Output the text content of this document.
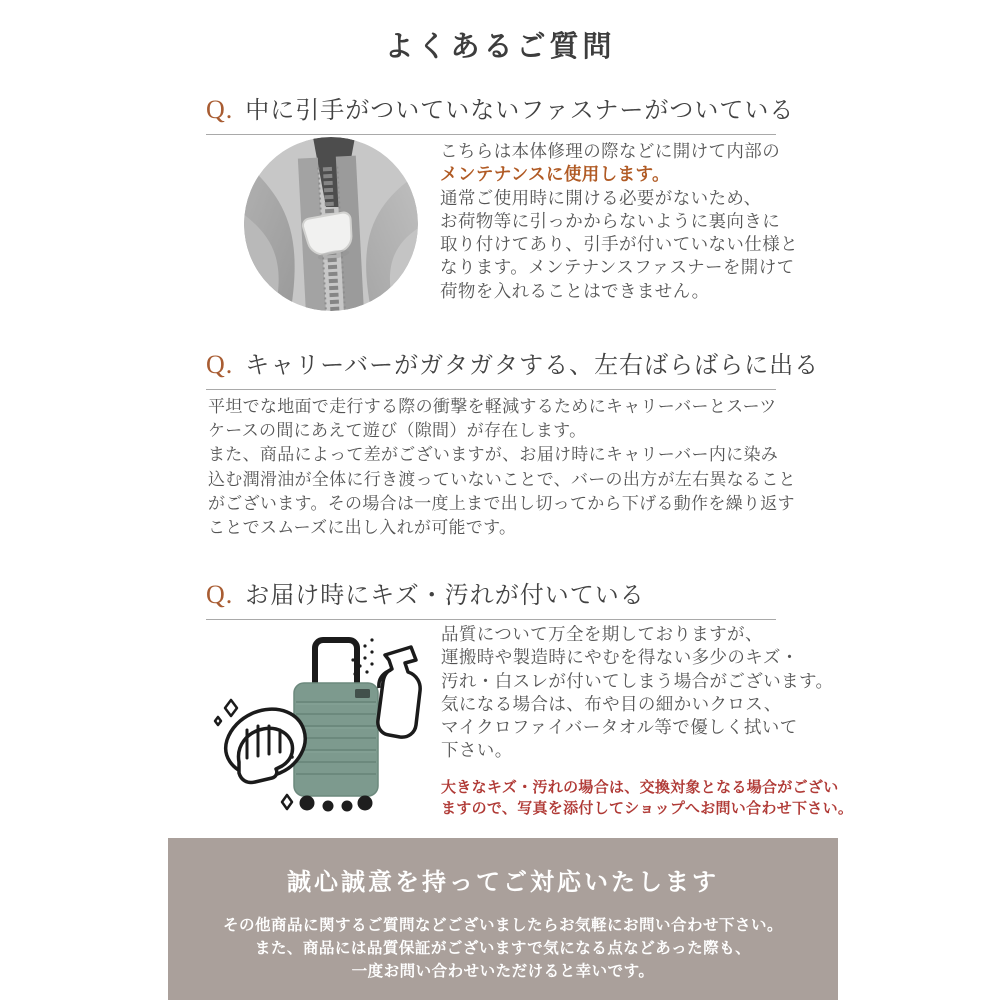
よくあるご質問
Q. 中に引手がついていないファスナーがついている
こちらは本体修理の際などに開けて内部の
メンテナンスに使用します。
通常ご使用時に開ける必要がないため、
お荷物等に引っかからないように裏向きに
取り付けてあり、引手が付いていない仕様と
なります。メンテナンスファスナーを開けて
荷物を入れることはできません。
Q. キャリーバーがガタガタする、左右ばらばらに出る
平坦でな地面で走行する際の衝撃を軽減するためにキャリーバーとスーツ
ケースの間にあえて遊び（隙間）が存在します。
また、商品によって差がございますが、お届け時にキャリーバー内に染み
込む潤滑油が全体に行き渡っていないことで、バーの出方が左右異なること
がございます。その場合は一度上まで出し切ってから下げる動作を繰り返す
ことでスムーズに出し入れが可能です。
Q. お届け時にキズ・汚れが付いている
品質について万全を期しておりますが、
運搬時や製造時にやむを得ない多少のキズ・
汚れ・白スレが付いてしまう場合がございます。
気になる場合は、布や目の細かいクロス、
マイクロファイバータオル等で優しく拭いて
下さい。
大きなキズ・汚れの場合は、交換対象となる場合がござい
ますので、写真を添付してショップへお問い合わせ下さい。
誠心誠意を持ってご対応いたします
その他商品に関するご質問などございましたらお気軽にお問い合わせ下さい。
また、商品には品質保証がございますで気になる点などあった際も、
一度お問い合わせいただけると幸いです。
